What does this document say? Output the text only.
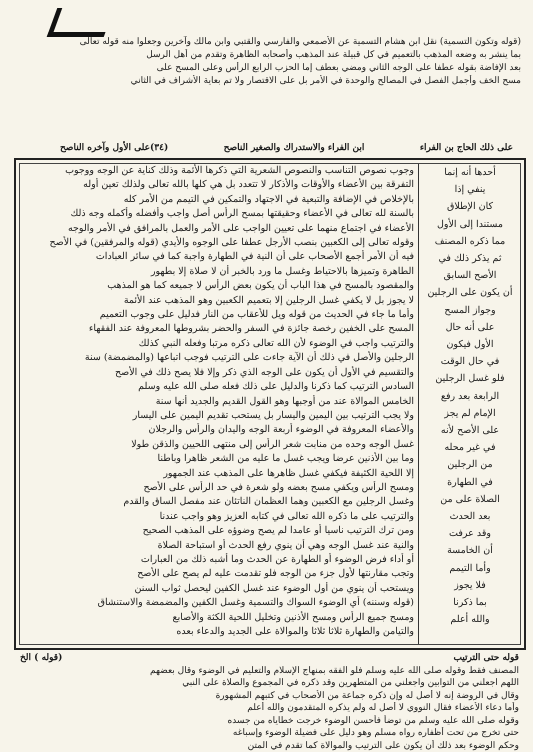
(قوله وتكون التسمية) نقل ابن هشام التسمية عن الأصمعي والفارسي والقتبي وابن مالك وآخرين وجعلوا منه قوله تعالى
بما ينشر به وضعه المذهب بالتعميم في كل قبيلة عند المذهب وأصحابه الظاهرة وتقدم من أهل الرسل
بعد الإفاضة بقوله عطفا على الوجه الثاني ومضي بعطف إما الحزب الرابع الرأس وعلى المسح على
مسح الخف وأجمل الفصل في المصالح والوحدة في الأمر بل على الاقتصار ولا تم بعاية الأشراف في الثاني
على ذلك الحاج بن الفراء
ابن الفراء والاستدراك والصغير الناصح
(٣٤)
على الأول وآخره الناصح
وجوب نصوص التناسب والنصوص الشعرية التي ذكرها الأئمة وذلك كناية عن الوجه ووجوب
التفرقة بين الأعضاء والأوقات والأذكار لا تتعدد بل هي كلها بالله تعالى ولذلك تعين أوله
بالإخلاص في الإضافة والتبعية في الاجتهاد والتمكين في التيمم من الأمر كله
بالسنة لله تعالى في الأعضاء وحقيقتها بمسح الرأس أصل واجب وأفضله وأكمله وجه ذلك
الأعضاء في اجتماع منهما على تعيين الواجب على الأمر والعمل بالمرافق في الأمر والوجه
وقوله تعالى إلى الكعبين بنصب الأرجل عطفا على الوجوه والأيدي (قوله والمرفقين) في الأصح
فيه أن الأمر أجمع الأصحاب على أن النية في الطهارة واجبة كما في سائر العبادات
الطاهرة وتميزها بالاحتياط وغسل ما ورد بالخبر أن لا صلاة إلا بطهور
والمقصود بالمسح في هذا الباب أن يكون بعض الرأس لا جميعه كما هو المذهب
لا يجوز بل لا يكفي غسل الرجلين إلا بتعميم الكعبين وهو المذهب عند الأئمة
وأما ما جاء في الحديث من قوله ويل للأعقاب من النار فدليل على وجوب التعميم
المسح على الخفين رخصة جائزة في السفر والحضر بشروطها المعروفة عند الفقهاء
والترتيب واجب في الوضوء لأن الله تعالى ذكره مرتبا وفعله النبي كذلك
الرجلين والأصل في ذلك أن الآية جاءت على الترتيب فوجب اتباعها (والمضمضة) سنة
والتقسيم في الأول أن يكون على الوجه الذي ذكر وإلا فلا يصح ذلك في الأصح
السادس الترتيب كما ذكرنا والدليل على ذلك فعله صلى الله عليه وسلم
الخامس الموالاة عند من أوجبها وهو القول القديم والجديد أنها سنة
ولا يجب الترتيب بين اليمين واليسار بل يستحب تقديم اليمين على اليسار
والأعضاء المعروفة في الوضوء أربعة الوجه واليدان والرأس والرجلان
غسل الوجه وحده من منابت شعر الرأس إلى منتهى اللحيين والذقن طولا
وما بين الأذنين عرضا ويجب غسل ما عليه من الشعر ظاهرا وباطنا
إلا اللحية الكثيفة فيكفي غسل ظاهرها على المذهب عند الجمهور
ومسح الرأس ويكفي مسح بعضه ولو شعرة في حد الرأس على الأصح
وغسل الرجلين مع الكعبين وهما العظمان الناتئان عند مفصل الساق والقدم
والترتيب على ما ذكره الله تعالى في كتابه العزيز وهو واجب عندنا
ومن ترك الترتيب ناسيا أو عامدا لم يصح وضوؤه على المذهب الصحيح
والنية عند غسل الوجه وهي أن ينوي رفع الحدث أو استباحة الصلاة
أو أداء فرض الوضوء أو الطهارة عن الحدث وما أشبه ذلك من العبارات
وتجب مقارنتها لأول جزء من الوجه فلو تقدمت عليه لم يصح على الأصح
ويستحب أن ينوي من أول الوضوء عند غسل الكفين ليحصل ثواب السنن
(قوله وسننه) أي الوضوء السواك والتسمية وغسل الكفين والمضمضة والاستنشاق
ومسح جميع الرأس ومسح الأذنين وتخليل اللحية الكثة والأصابع
والتيامن والطهارة ثلاثا ثلاثا والموالاة على الجديد والدعاء بعده
أحدها أنه إنما
ينفي إذا
كان الإطلاق
مستندا إلى الأول
مما ذكره المصنف
ثم يذكر ذلك في
الأصح السابق
أن يكون على الرجلين
وجواز المسح
على أنه حال
الأول فيكون
في حال الوقت
فلو غسل الرجلين
الرابعة بعد رفع
الإمام لم يجز
على الأصح لأنه
في غير محله
من الرجلين
في الطهارة
الصلاة على من
بعد الحدث
وقد عرفت
أن الخامسة
وأما التيمم
فلا يجوز
بما ذكرنا
والله أعلم
قوله حتى الترتيب
(قوله ) الخ
المصنف فقط وقوله صلى الله عليه وسلم فلو الفقه بمنهاج الإسلام والتعليم في الوضوء وقال بعضهم
اللهم اجعلني من التوابين واجعلني من المتطهرين وقد ذكره في المجموع والصلاة على النبي
وقال في الروضة إنه لا أصل له وإن ذكره جماعة من الأصحاب في كتبهم المشهورة
وأما دعاء الأعضاء فقال النووي لا أصل له ولم يذكره المتقدمون والله أعلم
وقوله صلى الله عليه وسلم من توضأ فأحسن الوضوء خرجت خطاياه من جسده
حتى تخرج من تحت أظفاره رواه مسلم وهو دليل على فضيلة الوضوء وإسباغه
وحكم الوضوء بعد ذلك أن يكون على الترتيب والموالاة كما تقدم في المتن
